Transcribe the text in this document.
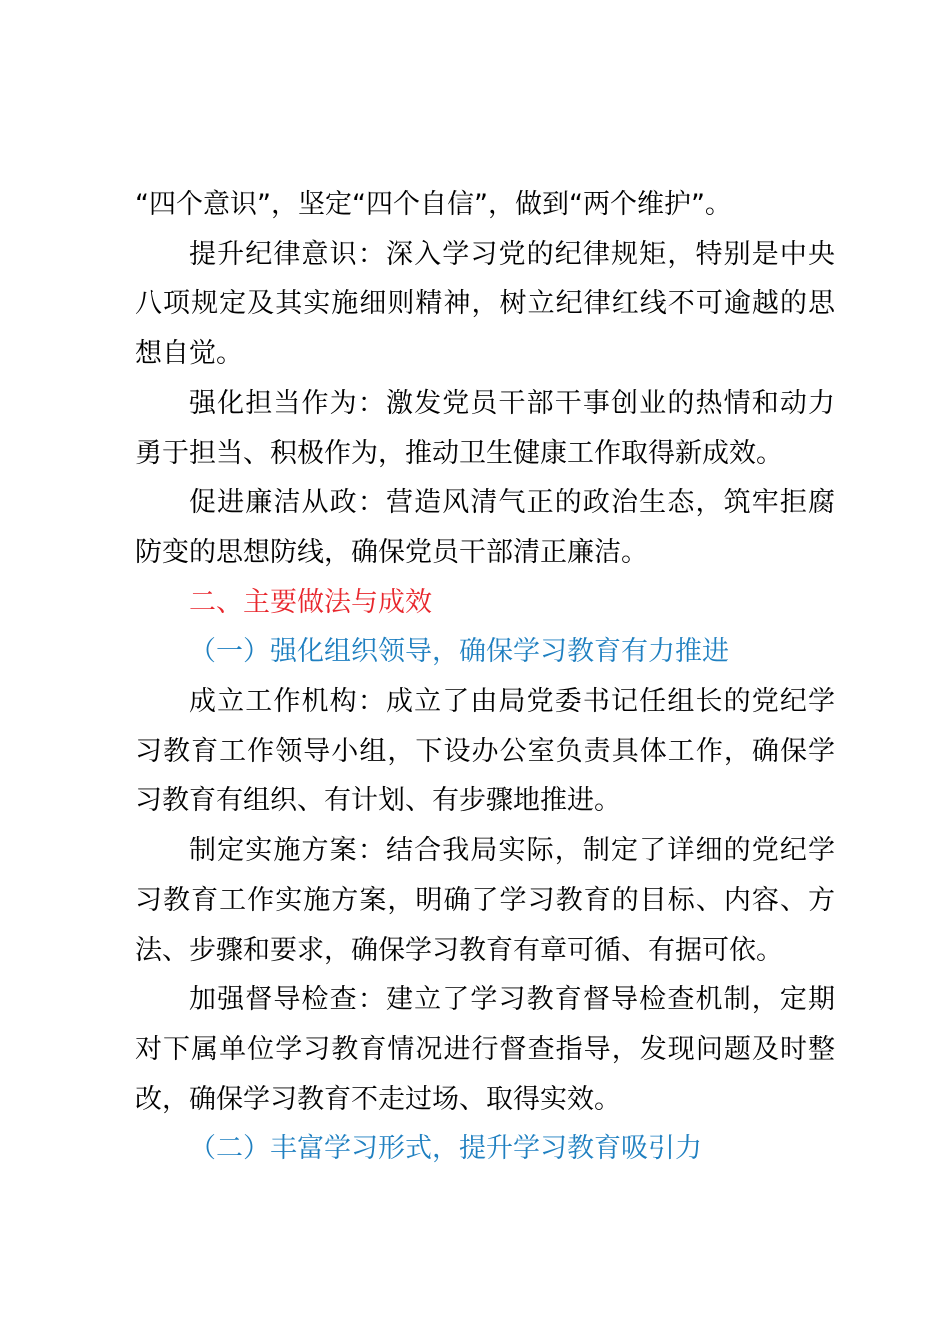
“四个意识”，坚定“四个自信”，做到“两个维护”。

提升纪律意识：深入学习党的纪律规矩，特别是中央八项规定及其实施细则精神，树立纪律红线不可逾越的思想自觉。

强化担当作为：激发党员干部干事创业的热情和动力勇于担当、积极作为，推动卫生健康工作取得新成效。

促进廉洁从政：营造风清气正的政治生态，筑牢拒腐防变的思想防线，确保党员干部清正廉洁。

二、主要做法与成效

（一）强化组织领导，确保学习教育有力推进

成立工作机构：成立了由局党委书记任组长的党纪学习教育工作领导小组，下设办公室负责具体工作，确保学习教育有组织、有计划、有步骤地推进。

制定实施方案：结合我局实际，制定了详细的党纪学习教育工作实施方案，明确了学习教育的目标、内容、方法、步骤和要求，确保学习教育有章可循、有据可依。

加强督导检查：建立了学习教育督导检查机制，定期对下属单位学习教育情况进行督查指导，发现问题及时整改，确保学习教育不走过场、取得实效。

（二）丰富学习形式，提升学习教育吸引力
